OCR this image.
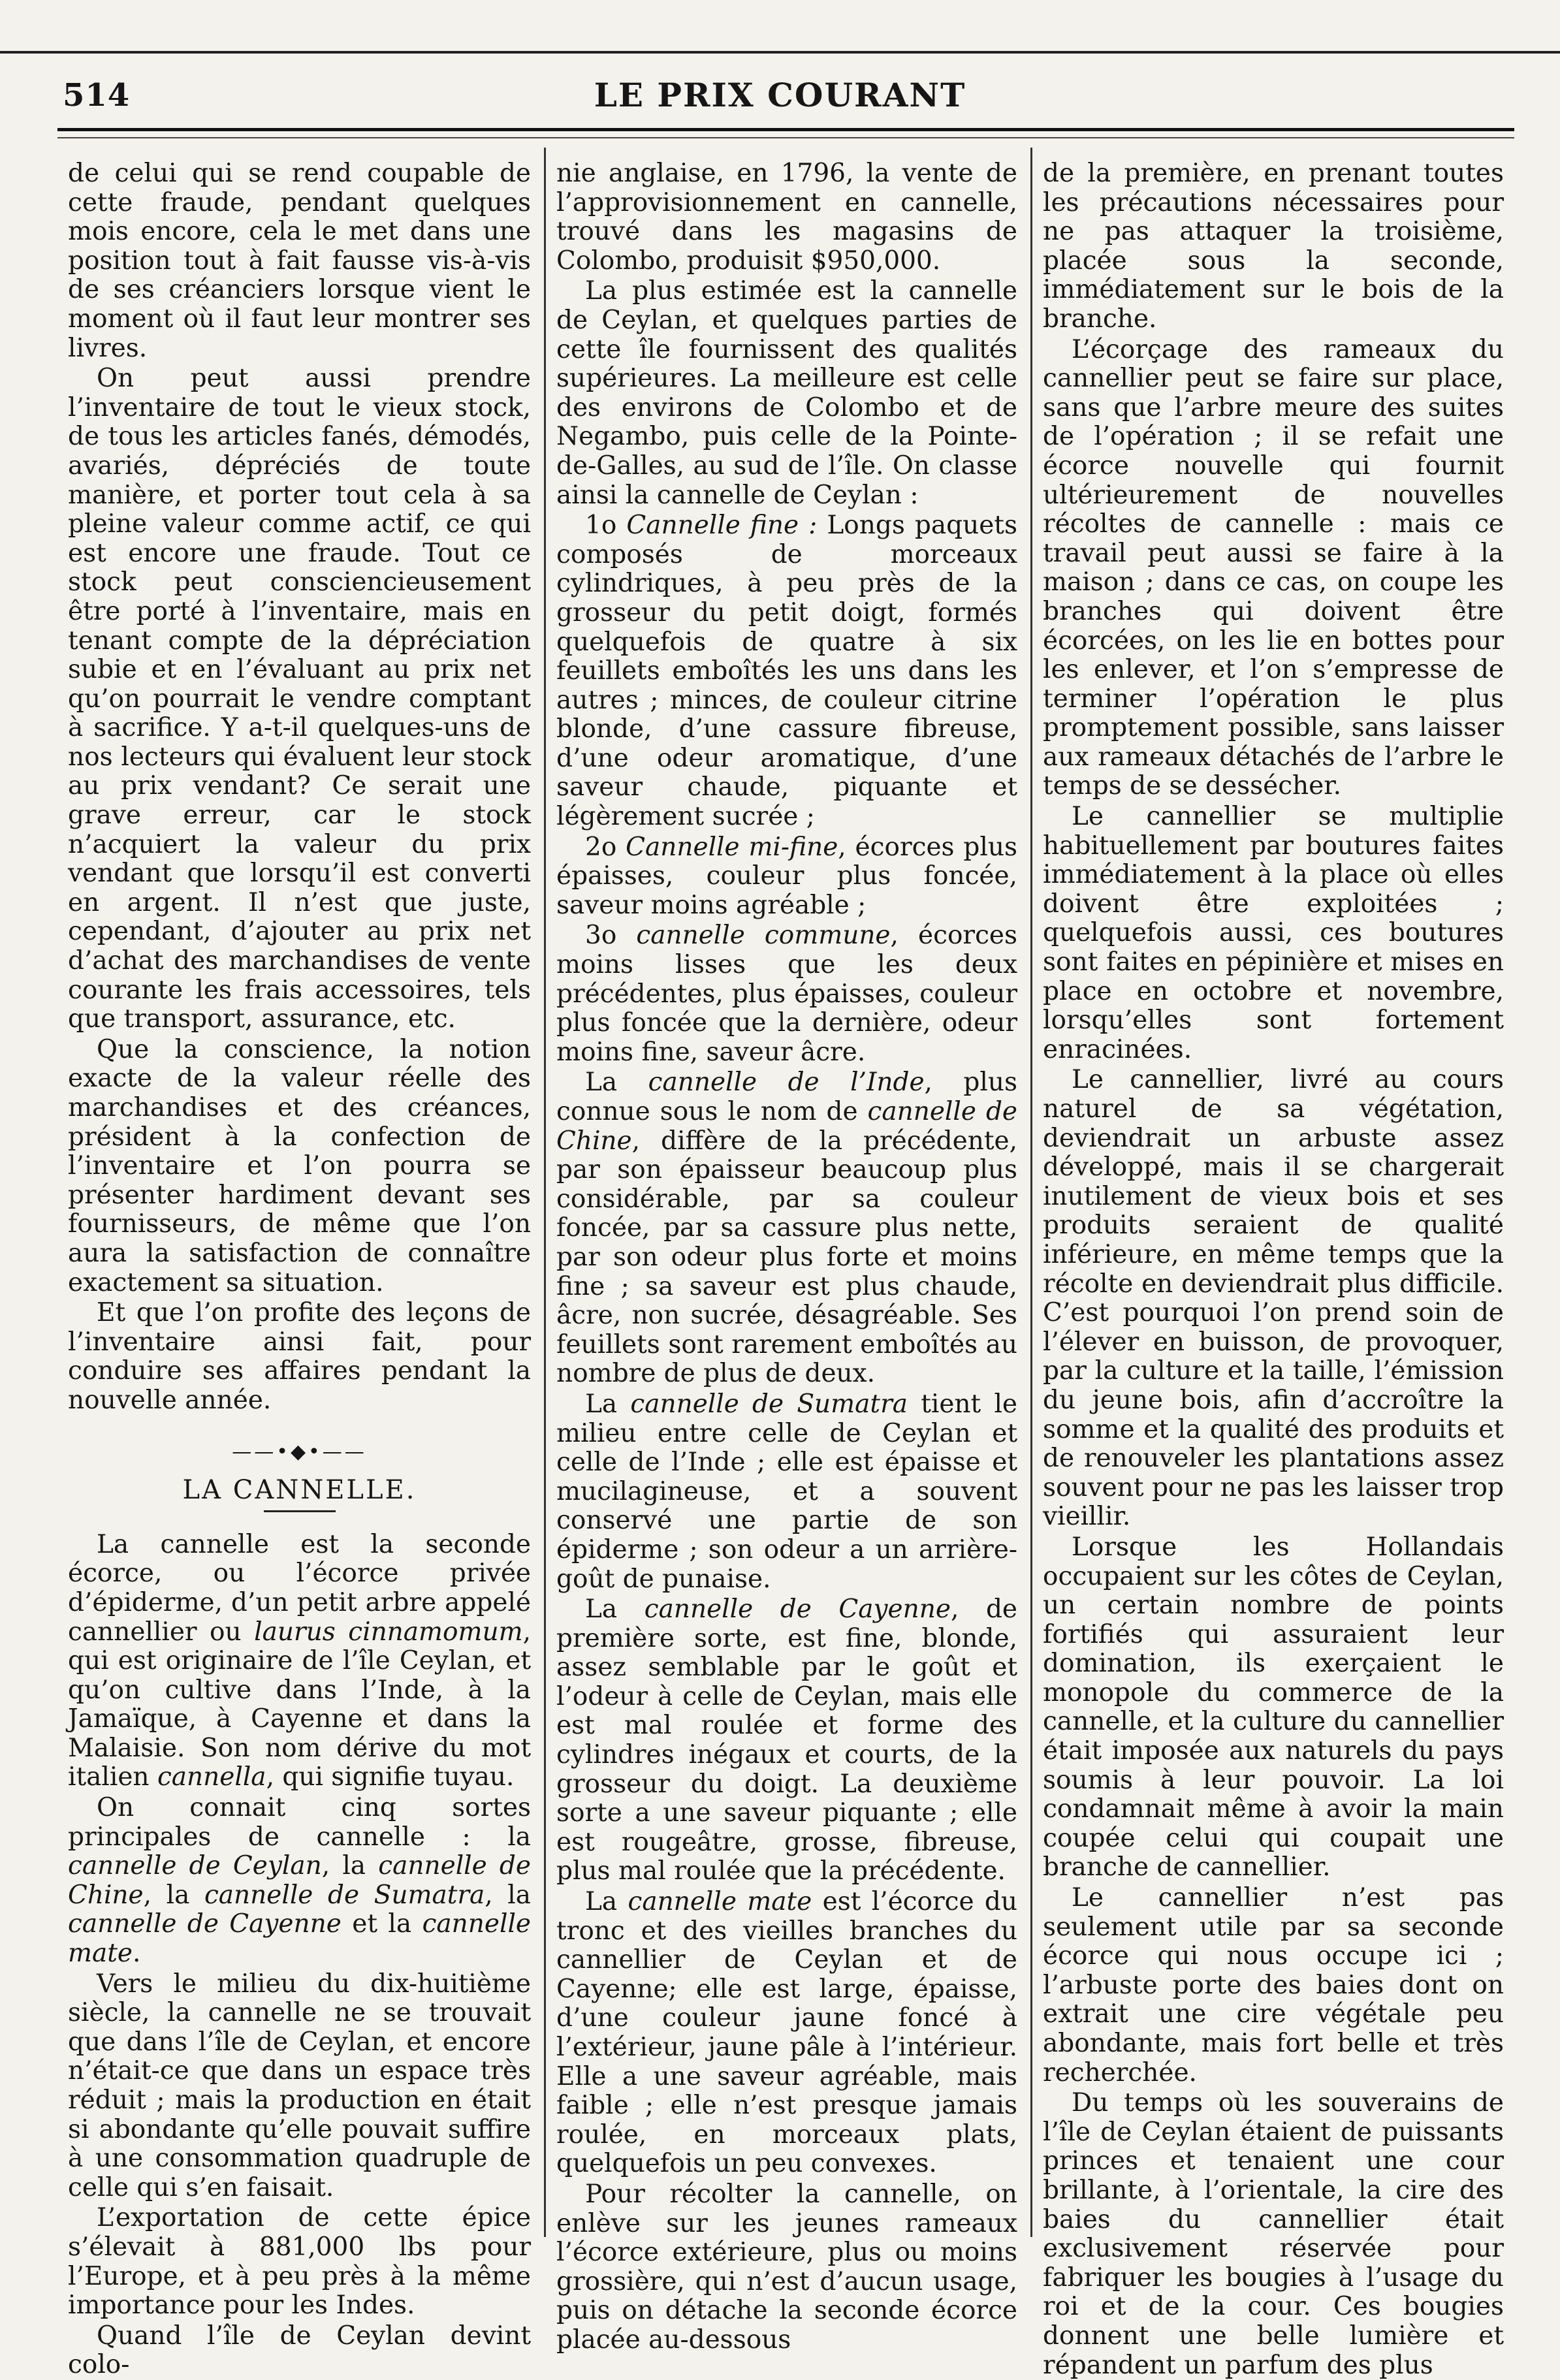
514	LE PRIX COURANT

de celui qui se rend coupable de cette fraude, pendant quelques mois encore, cela le met dans une position tout à fait fausse vis-à-vis de ses créanciers lorsque vient le moment où il faut leur montrer ses livres.

On peut aussi prendre l’inventaire de tout le vieux stock, de tous les articles fanés, démodés, avariés, dépréciés de toute manière, et porter tout cela à sa pleine valeur comme actif, ce qui est encore une fraude. Tout ce stock peut consciencieusement être porté à l’inventaire, mais en tenant compte de la dépréciation subie et en l’évaluant au prix net qu’on pourrait le vendre comptant à sacrifice. Y a-t-il quelques-uns de nos lecteurs qui évaluent leur stock au prix vendant? Ce serait une grave erreur, car le stock n’acquiert la valeur du prix vendant que lorsqu’il est converti en argent. Il n’est que juste, cependant, d’ajouter au prix net d’achat des marchandises de vente courante les frais accessoires, tels que transport, assurance, etc.

Que la conscience, la notion exacte de la valeur réelle des marchandises et des créances, président à la confection de l’inventaire et l’on pourra se présenter hardiment devant ses fournisseurs, de même que l’on aura la satisfaction de connaître exactement sa situation.

Et que l’on profite des leçons de l’inventaire ainsi fait, pour conduire ses affaires pendant la nouvelle année.

——•◆•——
LA CANNELLE.

La cannelle est la seconde écorce, ou l’écorce privée d’épiderme, d’un petit arbre appelé cannellier ou laurus cinnamomum, qui est originaire de l’île Ceylan, et qu’on cultive dans l’Inde, à la Jamaïque, à Cayenne et dans la Malaisie. Son nom dérive du mot italien cannella, qui signifie tuyau.

On connait cinq sortes principales de cannelle : la cannelle de Ceylan, la cannelle de Chine, la cannelle de Sumatra, la cannelle de Cayenne et la cannelle mate.

Vers le milieu du dix-huitième siècle, la cannelle ne se trouvait que dans l’île de Ceylan, et encore n’était-ce que dans un espace très réduit ; mais la production en était si abondante qu’elle pouvait suffire à une consommation quadruple de celle qui s’en faisait.

L’exportation de cette épice s’élevait à 881,000 lbs pour l’Europe, et à peu près à la même importance pour les Indes.

Quand l’île de Ceylan devint colo-

nie anglaise, en 1796, la vente de l’approvisionnement en cannelle, trouvé dans les magasins de Colombo, produisit $950,000.

La plus estimée est la cannelle de Ceylan, et quelques parties de cette île fournissent des qualités supérieures. La meilleure est celle des environs de Colombo et de Negambo, puis celle de la Pointe-de-Galles, au sud de l’île. On classe ainsi la cannelle de Ceylan :

1o Cannelle fine : Longs paquets composés de morceaux cylindriques, à peu près de la grosseur du petit doigt, formés quelquefois de quatre à six feuillets emboîtés les uns dans les autres ; minces, de couleur citrine blonde, d’une cassure fibreuse, d’une odeur aromatique, d’une saveur chaude, piquante et légèrement sucrée ;

2o Cannelle mi-fine, écorces plus épaisses, couleur plus foncée, saveur moins agréable ;

3o cannelle commune, écorces moins lisses que les deux précédentes, plus épaisses, couleur plus foncée que la dernière, odeur moins fine, saveur âcre.

La cannelle de l’Inde, plus connue sous le nom de cannelle de Chine, diffère de la précédente, par son épaisseur beaucoup plus considérable, par sa couleur foncée, par sa cassure plus nette, par son odeur plus forte et moins fine ; sa saveur est plus chaude, âcre, non sucrée, désagréable. Ses feuillets sont rarement emboîtés au nombre de plus de deux.

La cannelle de Sumatra tient le milieu entre celle de Ceylan et celle de l’Inde ; elle est épaisse et mucilagineuse, et a souvent conservé une partie de son épiderme ; son odeur a un arrière-goût de punaise.

La cannelle de Cayenne, de première sorte, est fine, blonde, assez semblable par le goût et l’odeur à celle de Ceylan, mais elle est mal roulée et forme des cylindres inégaux et courts, de la grosseur du doigt. La deuxième sorte a une saveur piquante ; elle est rougeâtre, grosse, fibreuse, plus mal roulée que la précédente.

La cannelle mate est l’écorce du tronc et des vieilles branches du cannellier de Ceylan et de Cayenne; elle est large, épaisse, d’une couleur jaune foncé à l’extérieur, jaune pâle à l’intérieur. Elle a une saveur agréable, mais faible ; elle n’est presque jamais roulée, en morceaux plats, quelquefois un peu convexes.

Pour récolter la cannelle, on enlève sur les jeunes rameaux l’écorce extérieure, plus ou moins grossière, qui n’est d’aucun usage, puis on détache la seconde écorce placée au-dessous

de la première, en prenant toutes les précautions nécessaires pour ne pas attaquer la troisième, placée sous la seconde, immédiatement sur le bois de la branche.

L’écorçage des rameaux du cannellier peut se faire sur place, sans que l’arbre meure des suites de l’opération ; il se refait une écorce nouvelle qui fournit ultérieurement de nouvelles récoltes de cannelle : mais ce travail peut aussi se faire à la maison ; dans ce cas, on coupe les branches qui doivent être écorcées, on les lie en bottes pour les enlever, et l’on s’empresse de terminer l’opération le plus promptement possible, sans laisser aux rameaux détachés de l’arbre le temps de se dessécher.

Le cannellier se multiplie habituellement par boutures faites immédiatement à la place où elles doivent être exploitées ; quelquefois aussi, ces boutures sont faites en pépinière et mises en place en octobre et novembre, lorsqu’elles sont fortement enracinées.

Le cannellier, livré au cours naturel de sa végétation, deviendrait un arbuste assez développé, mais il se chargerait inutilement de vieux bois et ses produits seraient de qualité inférieure, en même temps que la récolte en deviendrait plus difficile. C’est pourquoi l’on prend soin de l’élever en buisson, de provoquer, par la culture et la taille, l’émission du jeune bois, afin d’accroître la somme et la qualité des produits et de renouveler les plantations assez souvent pour ne pas les laisser trop vieillir.

Lorsque les Hollandais occupaient sur les côtes de Ceylan, un certain nombre de points fortifiés qui assuraient leur domination, ils exerçaient le monopole du commerce de la cannelle, et la culture du cannellier était imposée aux naturels du pays soumis à leur pouvoir. La loi condamnait même à avoir la main coupée celui qui coupait une branche de cannellier.

Le cannellier n’est pas seulement utile par sa seconde écorce qui nous occupe ici ; l’arbuste porte des baies dont on extrait une cire végétale peu abondante, mais fort belle et très recherchée.

Du temps où les souverains de l’île de Ceylan étaient de puissants princes et tenaient une cour brillante, à l’orientale, la cire des baies du cannellier était exclusivement réservée pour fabriquer les bougies à l’usage du roi et de la cour. Ces bougies donnent une belle lumière et répandent un parfum des plus
